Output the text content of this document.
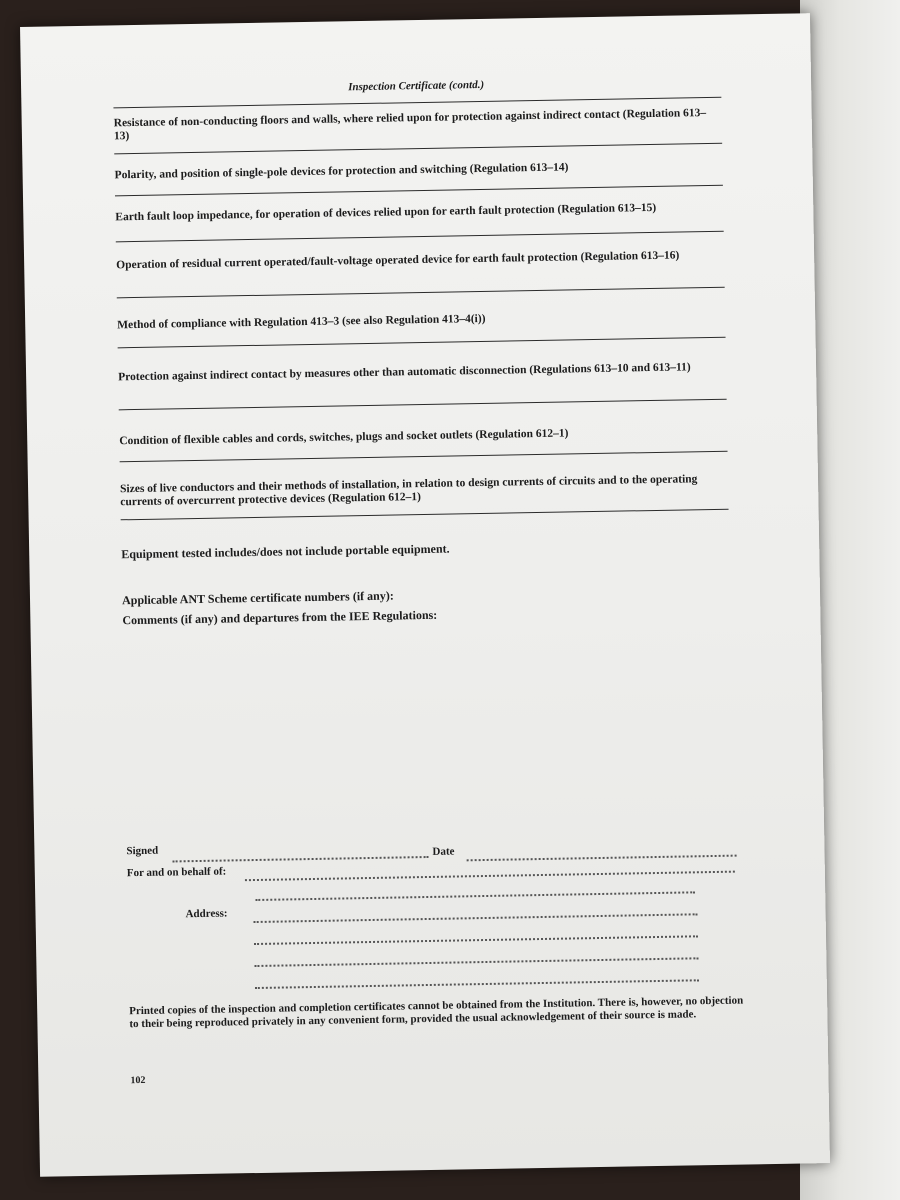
Inspection Certificate (contd.)
Resistance of non-conducting floors and walls, where relied upon for protection against indirect contact (Regulation 613–13)
Polarity, and position of single-pole devices for protection and switching (Regulation 613–14)
Earth fault loop impedance, for operation of devices relied upon for earth fault protection (Regulation 613–15)
Operation of residual current operated/fault-voltage operated device for earth fault protection (Regulation 613–16)
Method of compliance with Regulation 413–3 (see also Regulation 413–4(i))
Protection against indirect contact by measures other than automatic disconnection (Regulations 613–10 and 613–11)
Condition of flexible cables and cords, switches, plugs and socket outlets (Regulation 612–1)
Sizes of live conductors and their methods of installation, in relation to design currents of circuits and to the operating currents of overcurrent protective devices (Regulation 612–1)
Equipment tested includes/does not include portable equipment.
Applicable ANT Scheme certificate numbers (if any):
Comments (if any) and departures from the IEE Regulations:
Signed	Date
For and on behalf of:
Address:
Printed copies of the inspection and completion certificates cannot be obtained from the Institution. There is, however, no objection to their being reproduced privately in any convenient form, provided the usual acknowledgement of their source is made.
102
